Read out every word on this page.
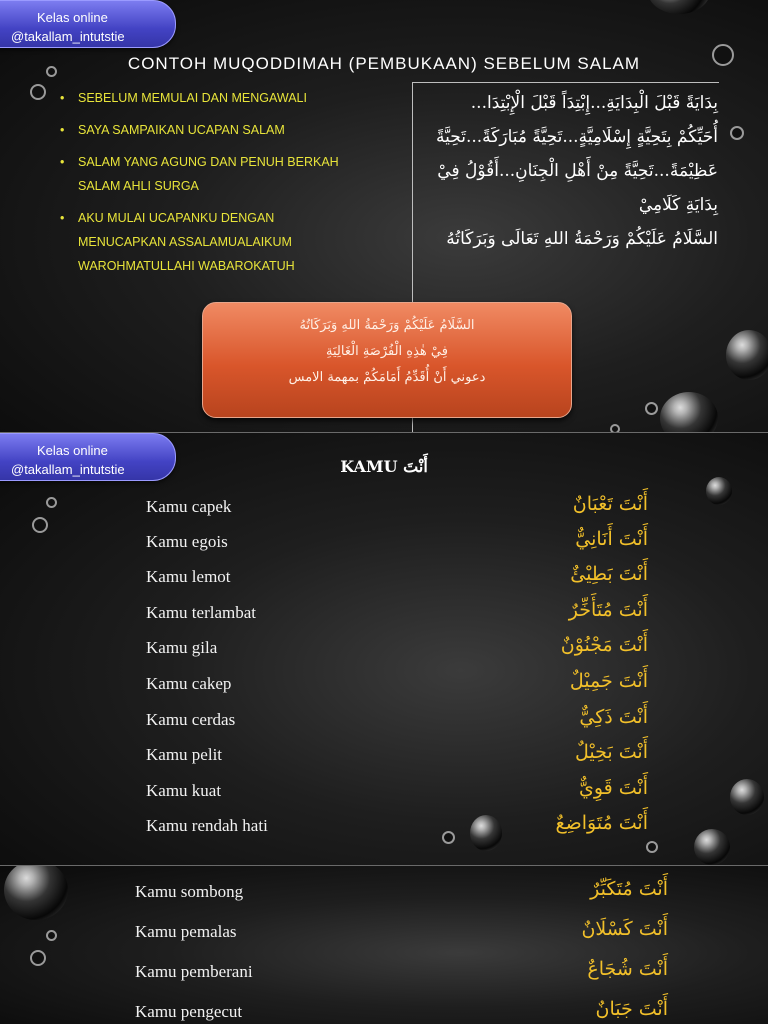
Kelas online
@takallam_intutstie
CONTOH MUQODDIMAH (PEMBUKAAN) SEBELUM SALAM
• SEBELUM MEMULAI DAN MENGAWALI
• SAYA SAMPAIKAN UCAPAN SALAM
• SALAM YANG AGUNG DAN PENUH BERKAH
SALAM AHLI SURGA
• AKU MULAI UCAPANKU DENGAN
MENUCAPKAN ASSALAMUALAIKUM
WAROHMATULLAHI WABAROKATUH
بِدَايَةً قَبْلَ الْبِدَايَةِ...إِبْتِدَاً قَبْلَ الْإِبْتِدَا...
أُحَيِّكُمْ بِتَحِيَّةٍ إِسْلَامِيَّةٍ...تَحِيَّةً مُبَارَكَةً...تَحِيَّةً
عَظِيْمَةً...تَحِيَّةً مِنْ أَهْلِ الْجِنَانِ...أَقُوْلُ فِيْ
بِدَايَةِ كَلَامِيْ
السَّلَامُ عَلَيْكُمْ وَرَحْمَةُ اللهِ تَعَالَى وَبَرَكَاتُهُ
السَّلَامُ عَلَيْكُمْ وَرَحْمَةُ اللهِ وَبَرَكَاتُهُ
فِيْ هٰذِهِ الْفُرْصَةِ الْغَالِيَةِ
دعوني أَنْ أُقَدِّمُ أَمَامَكُمْ بمهمة الامس
Kelas online
@takallam_intutstie	KAMU أَنْتَ
Kamu capek	أَنْتَ تَعْبَانٌ
Kamu egois	أَنْتَ أَنَانِيٌّ
Kamu lemot	أَنْتَ بَطِيْئٌ
Kamu terlambat	أَنْتَ مُتَأَخِّرٌ
Kamu gila	أَنْتَ مَجْنُوْنٌ
Kamu cakep	أَنْتَ جَمِيْلٌ
Kamu cerdas	أَنْتَ ذَكِيٌّ
Kamu pelit	أَنْتَ بَخِيْلٌ
Kamu kuat	أَنْتَ قَوِيٌّ
Kamu rendah hati	أَنْتَ مُتَوَاضِعٌ
Kamu sombong	أَنْتَ مُتَكَبِّرٌ
Kamu pemalas	أَنْتَ كَسْلَانٌ
Kamu pemberani	أَنْتَ شُجَاعٌ
Kamu pengecut	أَنْتَ جَبَانٌ
